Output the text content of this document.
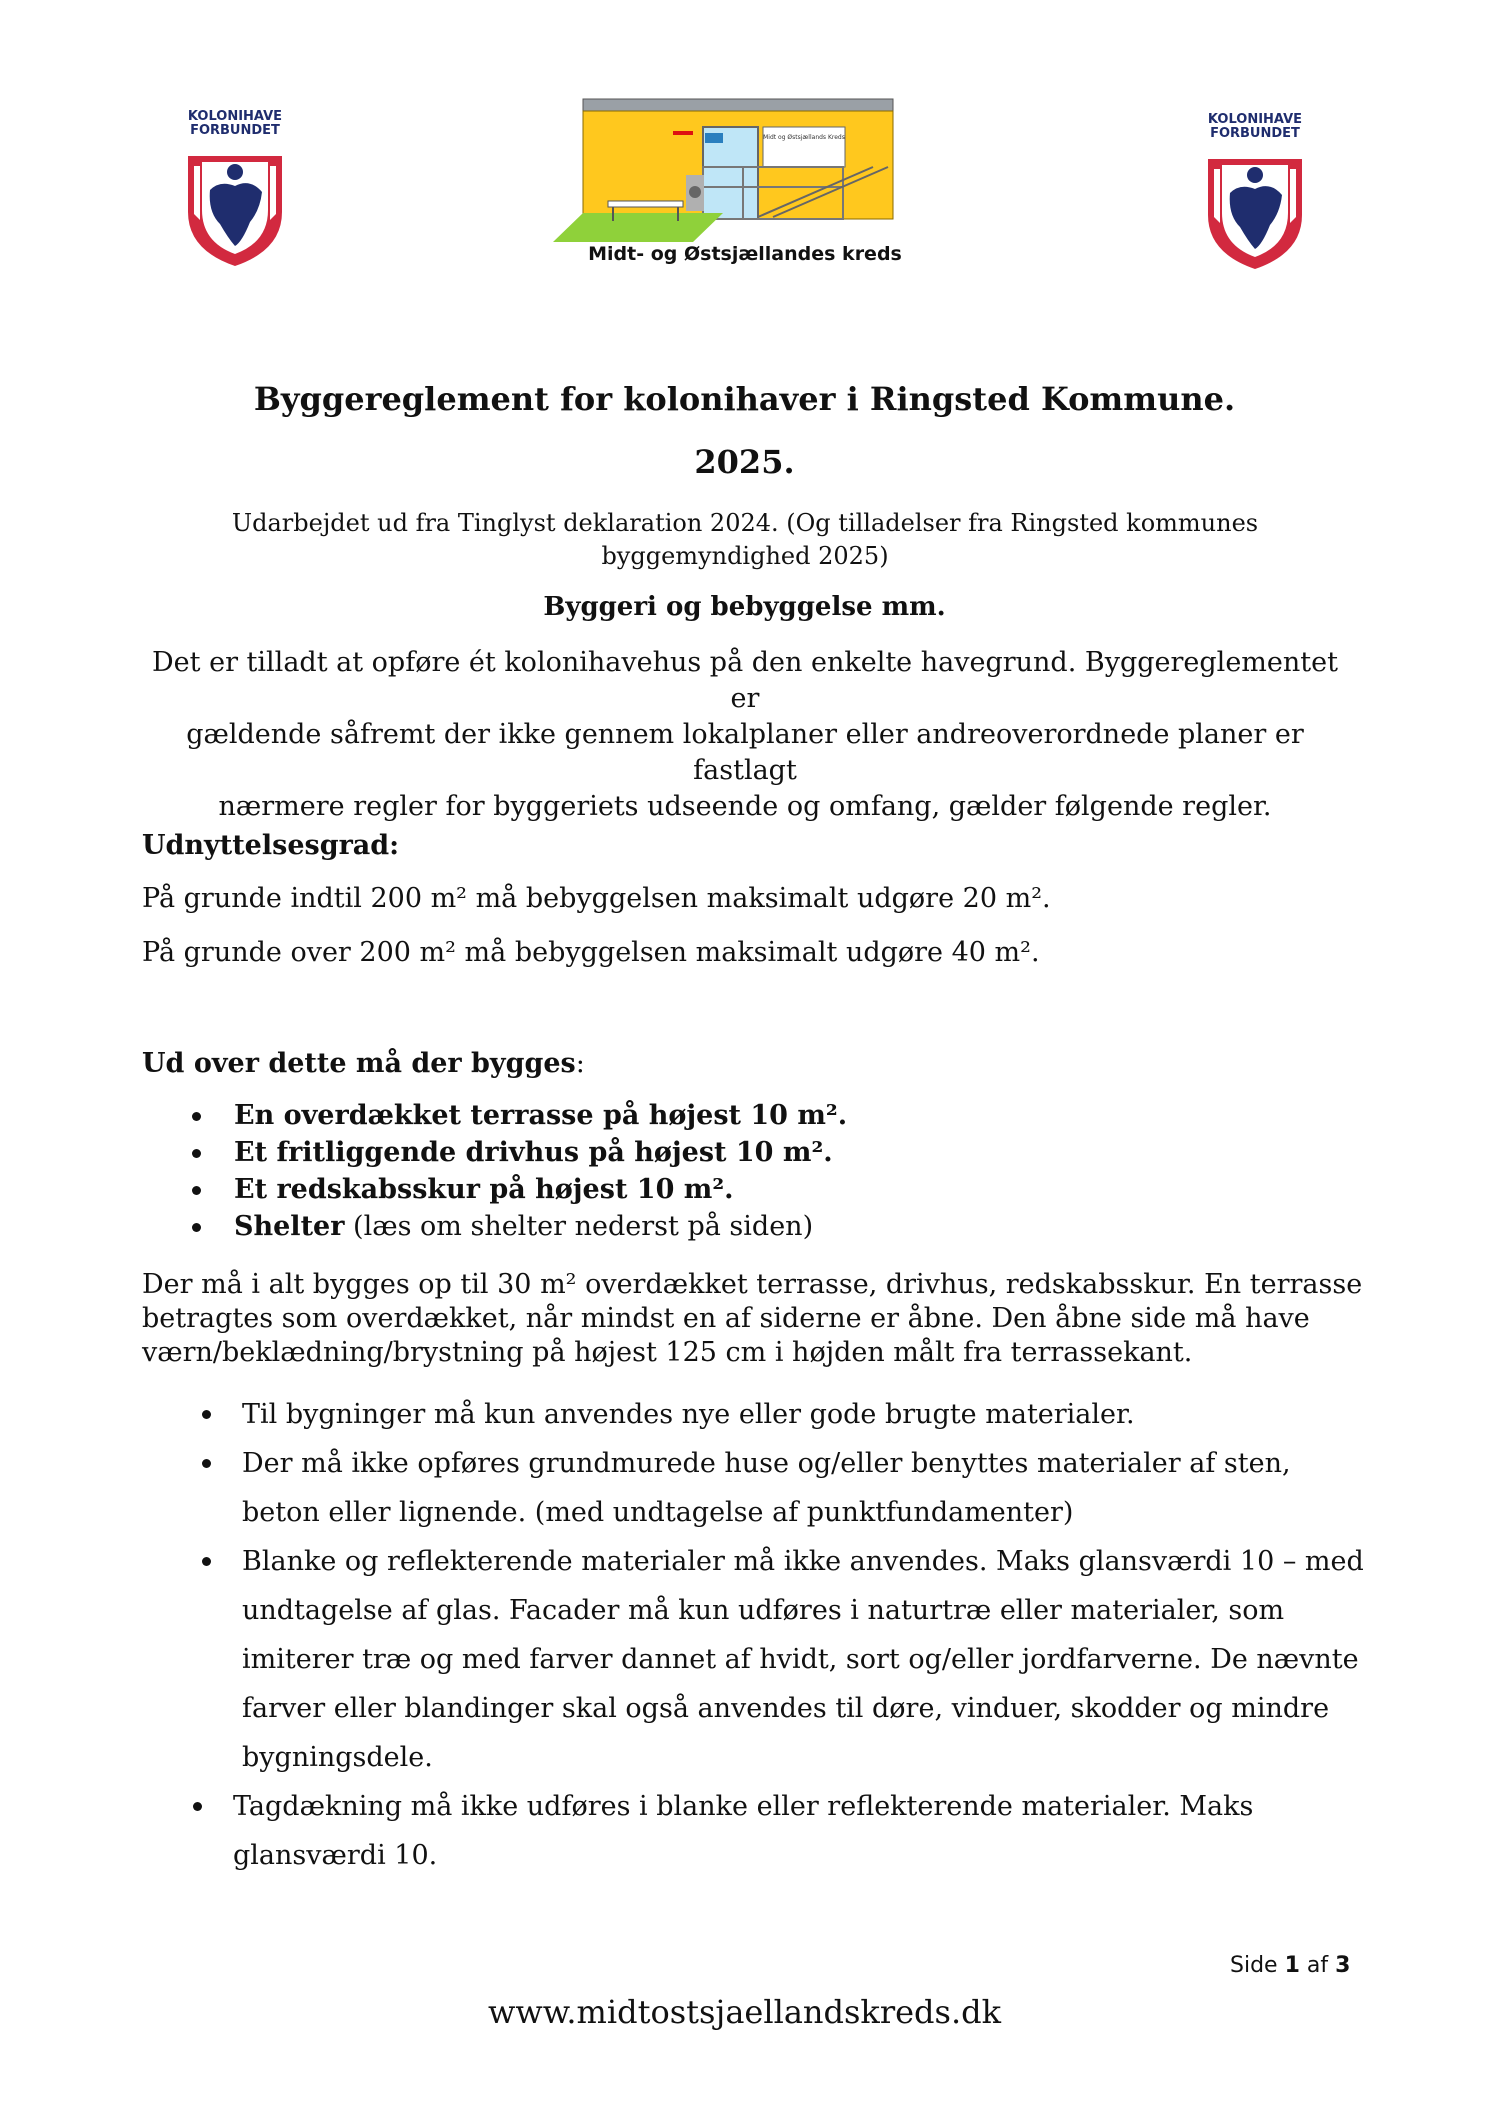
KOLONIHAVE
FORBUNDET
KOLONIHAVE
FORBUNDET
Midt og Østsjællands Kreds
Midt- og Østsjællandes kreds
Byggereglement for kolonihaver i Ringsted Kommune.
2025.
Udarbejdet ud fra Tinglyst deklaration 2024. (Og tilladelser fra Ringsted kommunes
byggemyndighed 2025)
Byggeri og bebyggelse mm.
Det er tilladt at opføre ét kolonihavehus på den enkelte havegrund. Byggereglementet er
gældende såfremt der ikke gennem lokalplaner eller andreoverordnede planer er fastlagt
nærmere regler for byggeriets udseende og omfang, gælder følgende regler.
Udnyttelsesgrad:
På grunde indtil 200 m² må bebyggelsen maksimalt udgøre 20 m².
På grunde over 200 m² må bebyggelsen maksimalt udgøre 40 m².
Ud over dette må der bygges:
En overdækket terrasse på højest 10 m².
Et fritliggende drivhus på højest 10 m².
Et redskabsskur på højest 10 m².
Shelter (læs om shelter nederst på siden)
Der må i alt bygges op til 30 m² overdækket terrasse, drivhus, redskabsskur. En terrasse
betragtes som overdækket, når mindst en af siderne er åbne. Den åbne side må have
værn/beklædning/brystning på højest 125 cm i højden målt fra terrassekant.
Til bygninger må kun anvendes nye eller gode brugte materialer.
Der må ikke opføres grundmurede huse og/eller benyttes materialer af sten,
beton eller lignende. (med undtagelse af punktfundamenter)
Blanke og reflekterende materialer må ikke anvendes. Maks glansværdi 10 – med
undtagelse af glas. Facader må kun udføres i naturtræ eller materialer, som
imiterer træ og med farver dannet af hvidt, sort og/eller jordfarverne. De nævnte
farver eller blandinger skal også anvendes til døre, vinduer, skodder og mindre
bygningsdele.
Tagdækning må ikke udføres i blanke eller reflekterende materialer. Maks
glansværdi 10.
Side 1 af 3
www.midtostsjaellandskreds.dk
